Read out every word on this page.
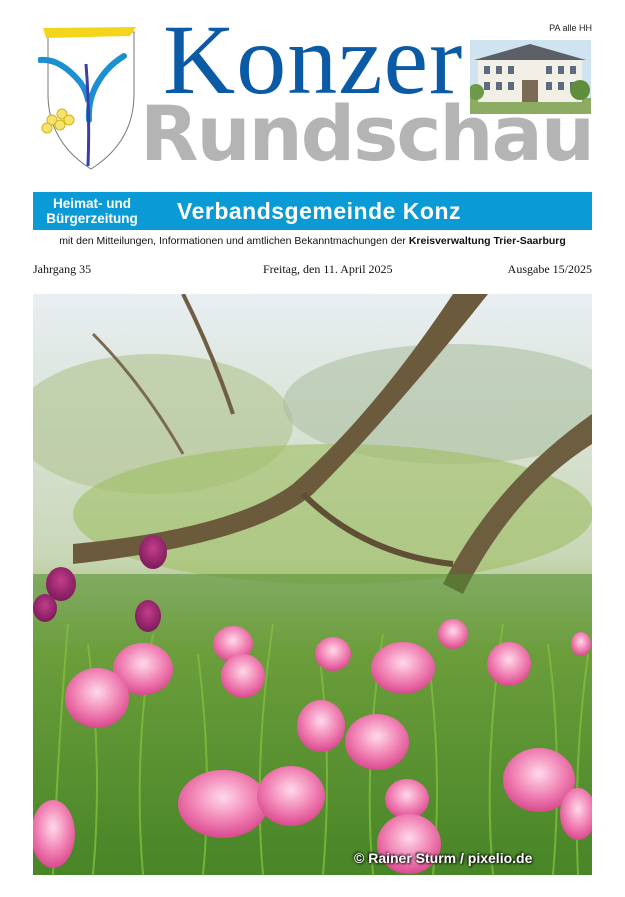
Rundschau
Konzer	PA alle HH
Heimat- und
Bürgerzeitung	Verbandsgemeinde Konz
mit den Mitteilungen, Informationen und amtlichen Bekanntmachungen der Kreisverwaltung Trier-Saarburg
Jahrgang 35	Freitag, den 11. April 2025	Ausgabe 15/2025
© Rainer Sturm / pixelio.de
